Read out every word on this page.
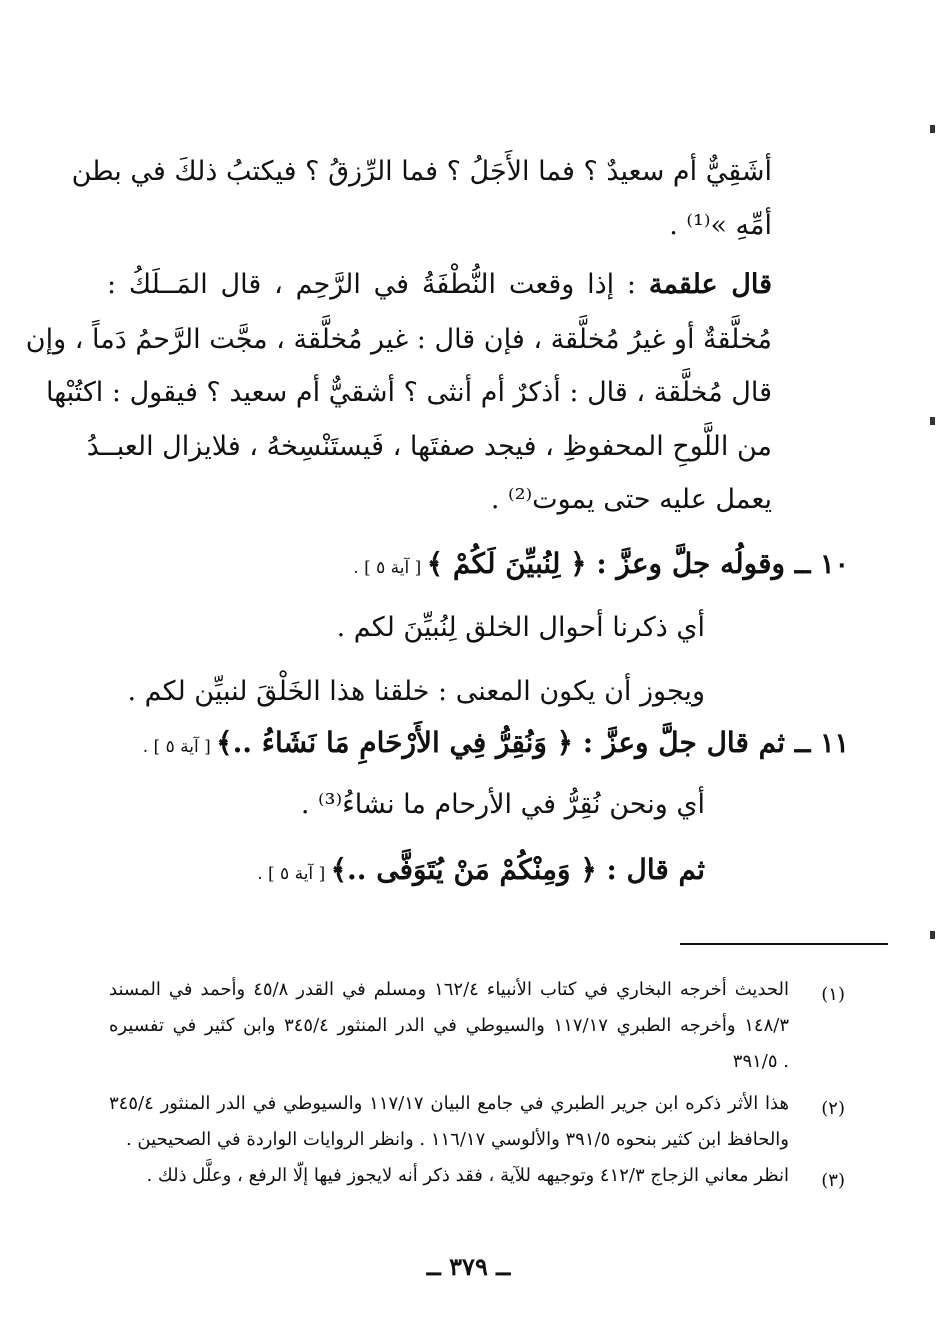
أشَقِيٌّ أم سعيدٌ ؟ فما الأَجَلُ ؟ فما الرِّزقُ ؟ فيكتبُ ذلكَ في بطن
أمِّهِ »⁽¹⁾ .
قال علقمة : إذا وقعت النُّطْفَةُ في الرَّحِم ، قال المَــلَكُ :
مُخلَّقةٌ أو غيرُ مُخلَّقة ، فإن قال : غير مُخلَّقة ، مجَّت الرَّحمُ دَماً ، وإن
قال مُخلَّقة ، قال : أذكرٌ أم أنثى ؟ أشقيٌّ أم سعيد ؟ فيقول : اكتُبْها
من اللَّوحِ المحفوظِ ، فيجد صفتَها ، فَيستَنْسِخهُ ، فلايزال العبــدُ
يعمل عليه حتى يموت⁽²⁾ .
١٠ ــ وقولُه جلَّ وعزَّ : ﴿ لِنُبيِّنَ لَكُمْ ﴾ [ آية ٥ ] .
أي ذكرنا أحوال الخلق لِنُبيِّنَ لكم .
ويجوز أن يكون المعنى : خلقنا هذا الخَلْقَ لنبيِّن لكم .
١١ ــ ثم قال جلَّ وعزَّ : ﴿ وَنُقِرُّ فِي الأَرْحَامِ مَا نَشَاءُ ..﴾ [ آية ٥ ] .
أي ونحن نُقِرُّ في الأرحام ما نشاءُ⁽³⁾ .
ثم قال : ﴿ وَمِنْكُمْ مَنْ يُتَوَفَّى ..﴾ [ آية ٥ ] .
(١)
الحديث أخرجه البخاري في كتاب الأنبياء ١٦٢/٤ ومسلم في القدر ٤٥/٨ وأحمد في المسند
١٤٨/٣ وأخرجه الطبري ١١٧/١٧ والسيوطي في الدر المنثور ٣٤٥/٤ وابن كثير في تفسيره
٣٩١/٥ .
(٢)
هذا الأثر ذكره ابن جرير الطبري في جامع البيان ١١٧/١٧ والسيوطي في الدر المنثور ٣٤٥/٤
والحافظ ابن كثير بنحوه ٣٩١/٥ والألوسي ١١٦/١٧ . وانظر الروايات الواردة في الصحيحين .
(٣)
انظر معاني الزجاج ٤١٢/٣ وتوجيهه للآية ، فقد ذكر أنه لايجوز فيها إلّا الرفع ، وعلَّل ذلك .
ــ ٣٧٩ ــ
